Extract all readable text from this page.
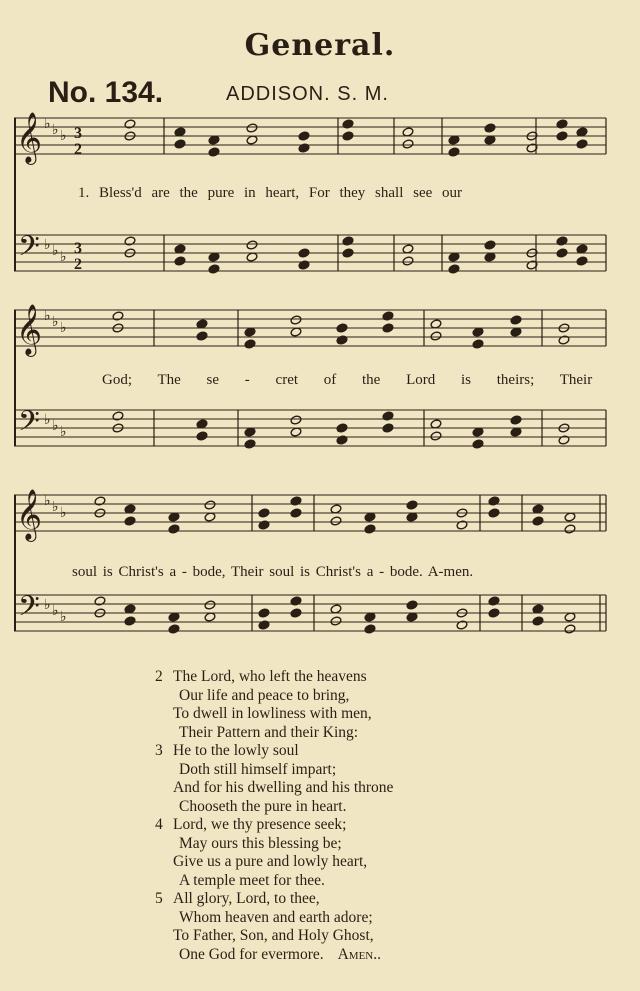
General.
No. 134.	ADDISON. S. M.
𝄞
𝄢
♭
♭
♭
♭
♭
♭
3
2
3
2
1. Bless'd are the pure in heart, For they shall see our
𝄞
𝄢
♭
♭
♭
♭
♭
♭
God; The se - cret of the Lord is theirs; Their
𝄞
𝄢
♭
♭
♭
♭
♭
♭
soul is Christ's a - bode, Their soul is Christ's a - bode. A-men.
2 The Lord, who left the heavens
Our life and peace to bring,
To dwell in lowliness with men,
Their Pattern and their King:
3 He to the lowly soul
Doth still himself impart;
And for his dwelling and his throne
Chooseth the pure in heart.
4 Lord, we thy presence seek;
May ours this blessing be;
Give us a pure and lowly heart,
A temple meet for thee.
5 All glory, Lord, to thee,
Whom heaven and earth adore;
To Father, Son, and Holy Ghost,
One God for evermore. Amen..
